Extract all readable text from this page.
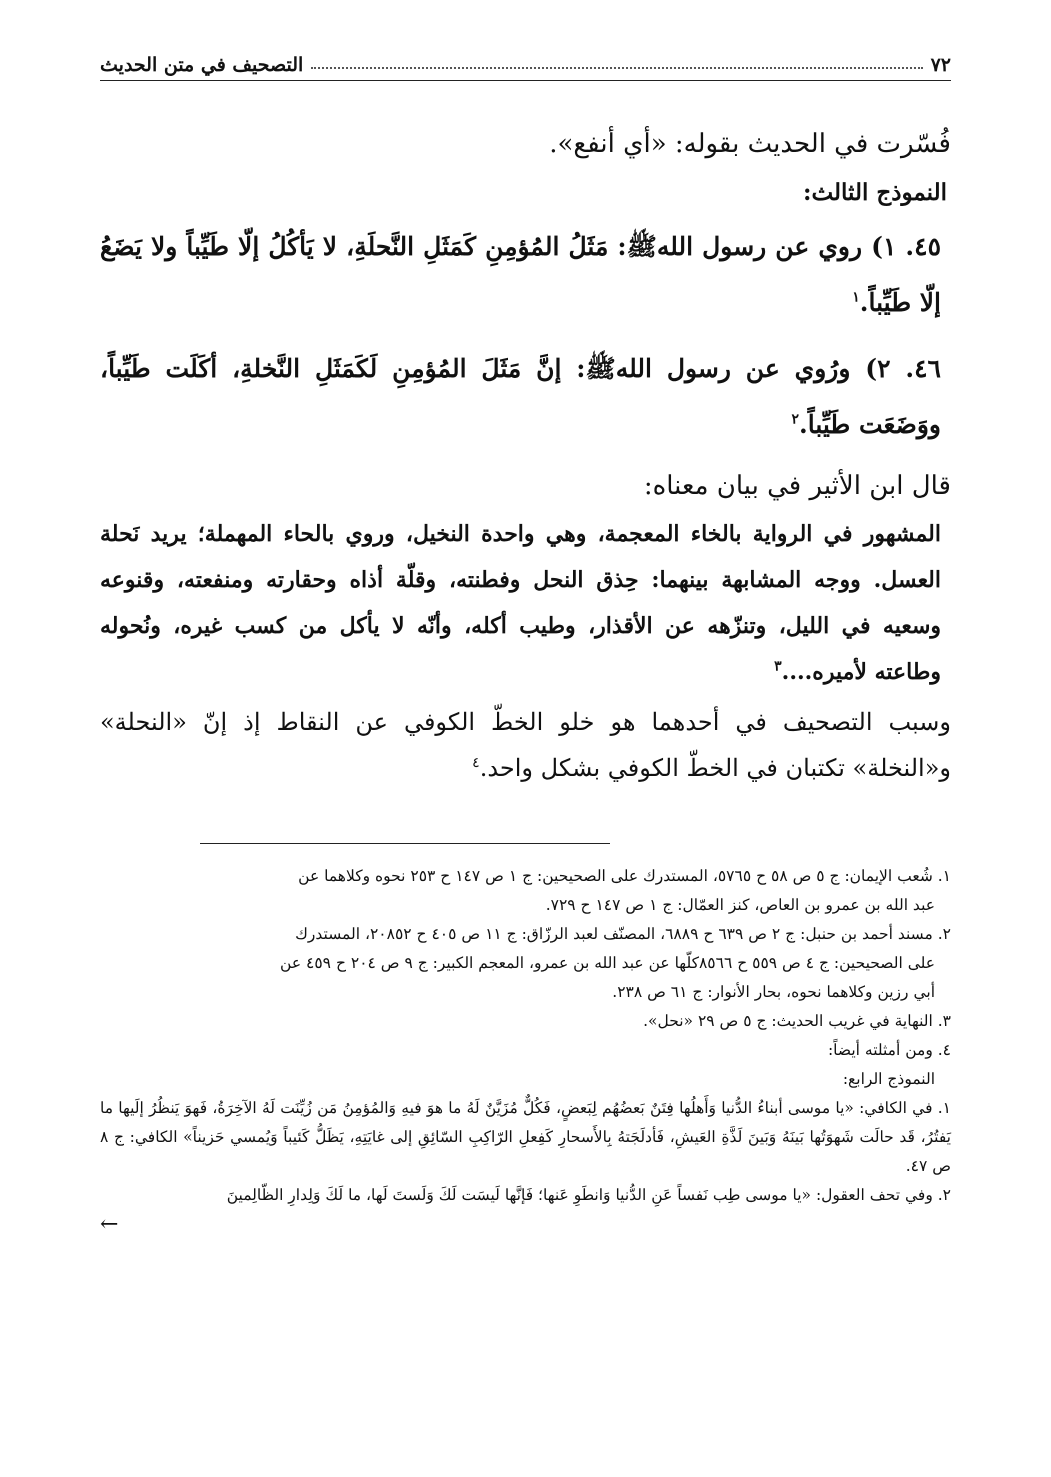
٧٢
التصحيف في متن الحديث

فُسّرت في الحديث بقوله: «أي أنفع».

النموذج الثالث:

٤٥. ١) روي عن رسول اللهﷺ: مَثَلُ المُؤمِنِ كَمَثَلِ النَّحلَةِ، لا يَأكُلُ إلّا طَيِّباً ولا يَضَعُ إلّا طَيِّباً.$^١$

٤٦. ٢) ورُوي عن رسول اللهﷺ: إنَّ مَثَلَ المُؤمِنِ لَكَمَثَلِ النَّخلةِ، أكَلَت طَيِّباً، ووَضَعَت طَيِّباً.$^٢$

قال ابن الأثير في بيان معناه:

المشهور في الرواية بالخاء المعجمة، وهي واحدة النخيل، وروي بالحاء المهملة؛ يريد نَحلة العسل. ووجه المشابهة بينهما: حِذق النحل وفطنته، وقلّة أذاه وحقارته ومنفعته، وقنوعه وسعيه في الليل، وتنزّهه عن الأقذار، وطيب أكله، وأنّه لا يأكل من كسب غيره، ونُحوله وطاعته لأميره....$^٣$

وسبب التصحيف في أحدهما هو خلو الخطّ الكوفي عن النقاط إذ إنّ «النحلة» و«النخلة» تكتبان في الخطّ الكوفي بشكل واحد.$^٤$

١. شُعب الإيمان: ج ٥ ص ٥٨ ح ٥٧٦٥، المستدرك على الصحيحين: ج ١ ص ١٤٧ ح ٢٥٣ نحوه وكلاهما عن

عبد الله بن عمرو بن العاص، كنز العمّال: ج ١ ص ١٤٧ ح ٧٢٩.

٢. مسند أحمد بن حنبل: ج ٢ ص ٦٣٩ ح ٦٨٨٩، المصنّف لعبد الرزّاق: ج ١١ ص ٤٠٥ ح ٢٠٨٥٢، المستدرك

على الصحيحين: ج ٤ ص ٥٥٩ ح ٨٥٦٦كلّها عن عبد الله بن عمرو، المعجم الكبير: ج ٩ ص ٢٠٤ ح ٤٥٩ عن

أبي رزين وكلاهما نحوه، بحار الأنوار: ج ٦١ ص ٢٣٨.

٣. النهاية في غريب الحديث: ج ٥ ص ٢٩ «نحل».

٤. ومن أمثلته أيضاً:

النموذج الرابع:

١. في الكافي: «يا موسى أبناءُ الدُّنيا وَأَهلُها فِتَنٌ بَعضُهُم لِبَعضٍ، فَكُلٌّ مُزَيَّنٌ لَهُ ما هوَ فيهِ وَالمُؤمِنُ مَن زُيِّنَت لَهُ الآخِرَةُ، فَهوَ يَنظُرُ إلَيها ما يَفتُرُ، قَد حالَت شَهوَتُها بَينَهُ وَبَينَ لَذَّةِ العَيشِ، فَأدلَجَتهُ بِالأَسحارِ كَفِعلِ الرّاكِبِ السّائِقِ إلى غايَتِهِ، يَظَلُّ كَئيباً وَيُمسي حَزيناً» الكافي: ج ٨ ص ٤٧.

٢. وفي تحف العقول: «يا موسى طِب نَفساً عَنِ الدُّنيا وَانطَوِ عَنها؛ فَإنَّها لَيسَت لَكَ وَلَستَ لَها، ما لَكَ وَلِدارِ الظّالِمينَ

←
